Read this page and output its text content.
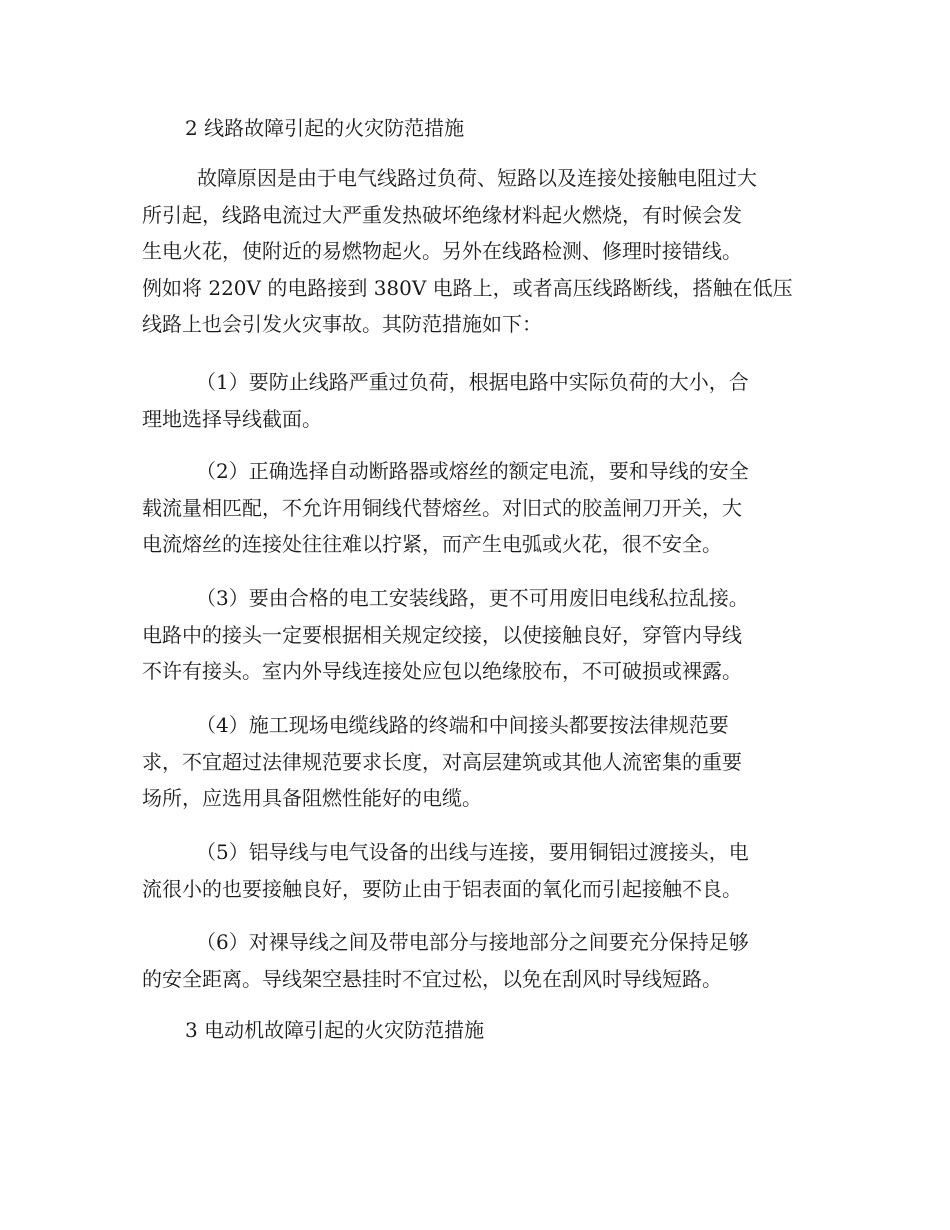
2 线路故障引起的火灾防范措施
故障原因是由于电气线路过负荷、短路以及连接处接触电阻过大
所引起，线路电流过大严重发热破坏绝缘材料起火燃烧，有时候会发
生电火花，使附近的易燃物起火。另外在线路检测、修理时接错线。
例如将 220V 的电路接到 380V 电路上，或者高压线路断线，搭触在低压
线路上也会引发火灾事故。其防范措施如下：
（1）要防止线路严重过负荷，根据电路中实际负荷的大小，合
理地选择导线截面。
（2）正确选择自动断路器或熔丝的额定电流，要和导线的安全
载流量相匹配，不允许用铜线代替熔丝。对旧式的胶盖闸刀开关，大
电流熔丝的连接处往往难以拧紧，而产生电弧或火花，很不安全。
（3）要由合格的电工安装线路，更不可用废旧电线私拉乱接。
电路中的接头一定要根据相关规定绞接，以使接触良好，穿管内导线
不许有接头。室内外导线连接处应包以绝缘胶布，不可破损或裸露。
（4）施工现场电缆线路的终端和中间接头都要按法律规范要
求，不宜超过法律规范要求长度，对高层建筑或其他人流密集的重要
场所，应选用具备阻燃性能好的电缆。
（5）铝导线与电气设备的出线与连接，要用铜铝过渡接头，电
流很小的也要接触良好，要防止由于铝表面的氧化而引起接触不良。
（6）对裸导线之间及带电部分与接地部分之间要充分保持足够
的安全距离。导线架空悬挂时不宜过松，以免在刮风时导线短路。
3 电动机故障引起的火灾防范措施
